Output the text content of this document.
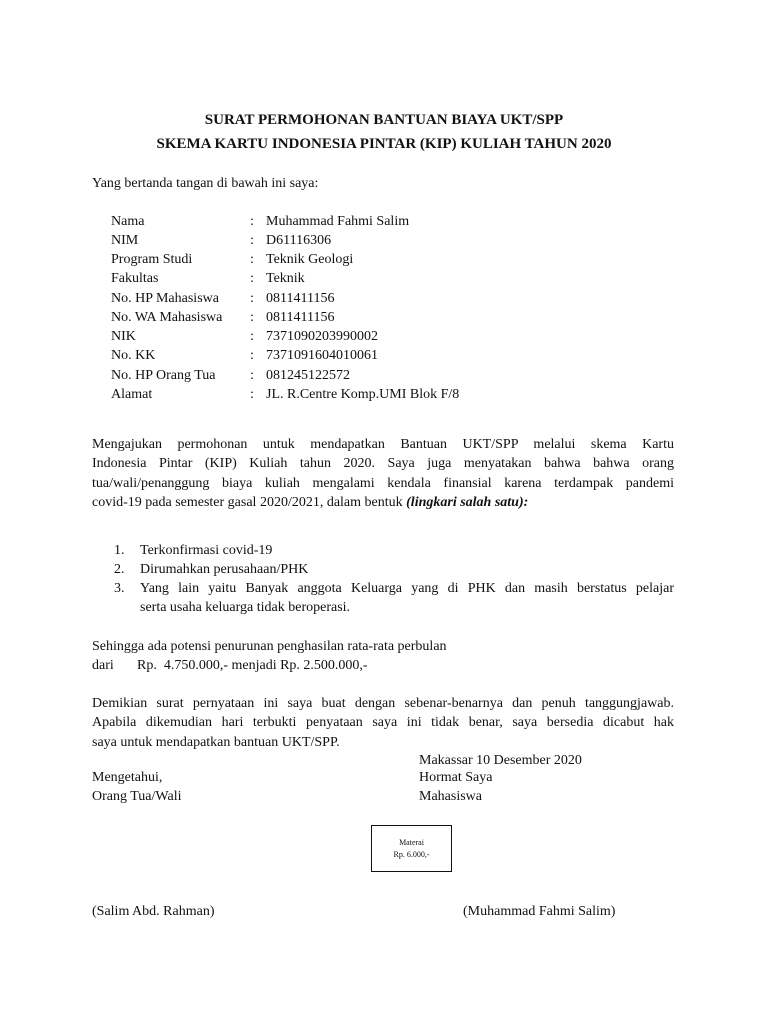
SURAT PERMOHONAN BANTUAN BIAYA UKT/SPP
SKEMA KARTU INDONESIA PINTAR (KIP) KULIAH TAHUN 2020
Yang bertanda tangan di bawah ini saya:
Nama	: Muhammad Fahmi Salim
NIM	: D61116306
Program Studi	: Teknik Geologi
Fakultas	: Teknik
No. HP Mahasiswa : 0811411156
No. WA Mahasiswa : 0811411156
NIK	: 7371090203990002
No. KK	: 7371091604010061
No. HP Orang Tua : 081245122572
Alamat	: JL. R.Centre Komp.UMI Blok F/8
Mengajukan permohonan untuk mendapatkan Bantuan UKT/SPP melalui skema Kartu
Indonesia Pintar (KIP) Kuliah tahun 2020. Saya juga menyatakan bahwa bahwa orang
tua/wali/penanggung biaya kuliah mengalami kendala finansial karena terdampak pandemi
covid-19 pada semester gasal 2020/2021, dalam bentuk (lingkari salah satu):
1. Terkonfirmasi covid-19
2. Dirumahkan perusahaan/PHK
3. Yang lain yaitu Banyak anggota Keluarga yang di PHK dan masih berstatus pelajar
serta usaha keluarga tidak beroperasi.
Sehingga ada potensi penurunan penghasilan rata-rata perbulan
dari Rp.  4.750.000,- menjadi Rp. 2.500.000,-
Demikian surat pernyataan ini saya buat dengan sebenar-benarnya dan penuh tanggungjawab.
Apabila dikemudian hari terbukti penyataan saya ini tidak benar, saya bersedia dicabut hak
saya untuk mendapatkan bantuan UKT/SPP.
Makassar 10 Desember 2020
Mengetahui,	Hormat Saya
Orang Tua/Wali	Mahasiswa
Materai
Rp. 6.000,-
(Salim Abd. Rahman)	(Muhammad Fahmi Salim)
